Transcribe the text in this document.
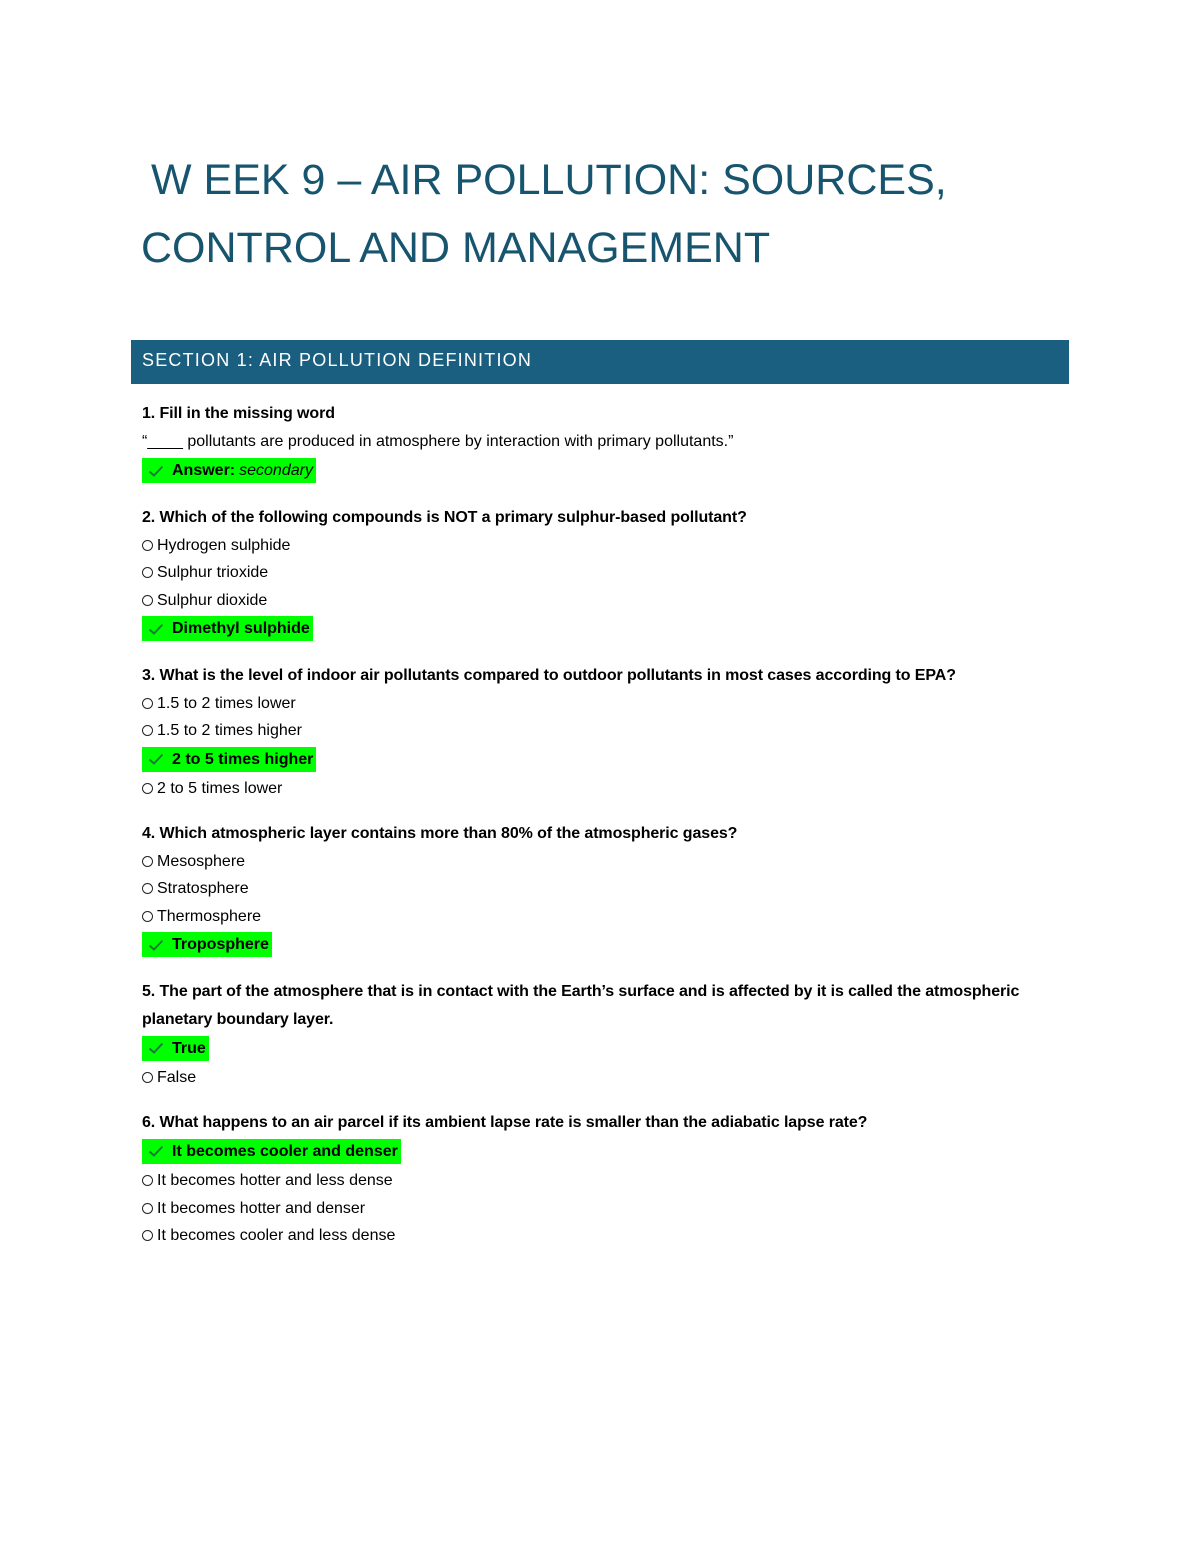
W EEK 9 – AIR POLLUTION: SOURCES,
CONTROL AND MANAGEMENT
SECTION 1: AIR POLLUTION DEFINITION
1. Fill in the missing word
“____ pollutants are produced in atmosphere by interaction with primary pollutants.”
Answer: secondary
2. Which of the following compounds is NOT a primary sulphur-based pollutant?
Hydrogen sulphide
Sulphur trioxide
Sulphur dioxide
Dimethyl sulphide
3. What is the level of indoor air pollutants compared to outdoor pollutants in most cases according to EPA?
1.5 to 2 times lower
1.5 to 2 times higher
2 to 5 times higher
2 to 5 times lower
4. Which atmospheric layer contains more than 80% of the atmospheric gases?
Mesosphere
Stratosphere
Thermosphere
Troposphere
5. The part of the atmosphere that is in contact with the Earth’s surface and is affected by it is called the atmospheric planetary boundary layer.
True
False
6. What happens to an air parcel if its ambient lapse rate is smaller than the adiabatic lapse rate?
It becomes cooler and denser
It becomes hotter and less dense
It becomes hotter and denser
It becomes cooler and less dense
